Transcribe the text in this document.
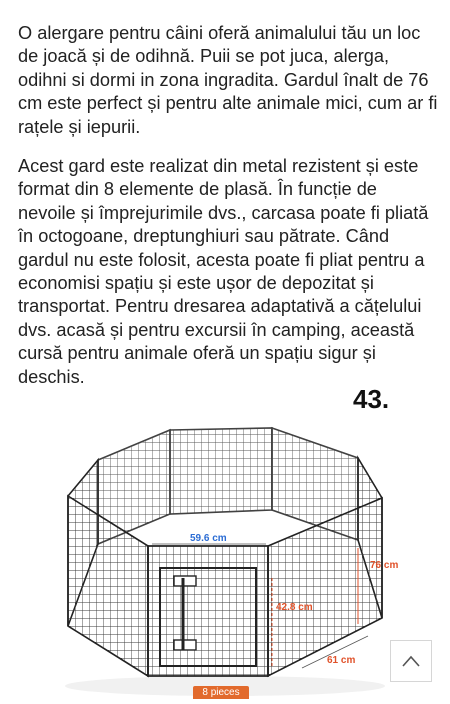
O alergare pentru câini oferă animalului tău un loc de joacă și de odihnă. Puii se pot juca, alerga, odihni si dormi in zona ingradita. Gardul înalt de 76 cm este perfect și pentru alte animale mici, cum ar fi rațele și iepurii.

Acest gard este realizat din metal rezistent și este format din 8 elemente de plasă. În funcție de nevoile și împrejurimile dvs., carcasa poate fi pliată în octogoane, dreptunghiuri sau pătrate. Când gardul nu este folosit, acesta poate fi pliat pentru a economisi spațiu și este ușor de depozitat și transportat. Pentru dresarea adaptativă a cățelului dvs. acasă și pentru excursii în camping, această cursă pentru animale oferă un spațiu sigur și deschis.

43.
59.6 cm
76 cm
42.8 cm
61 cm
8 pieces
